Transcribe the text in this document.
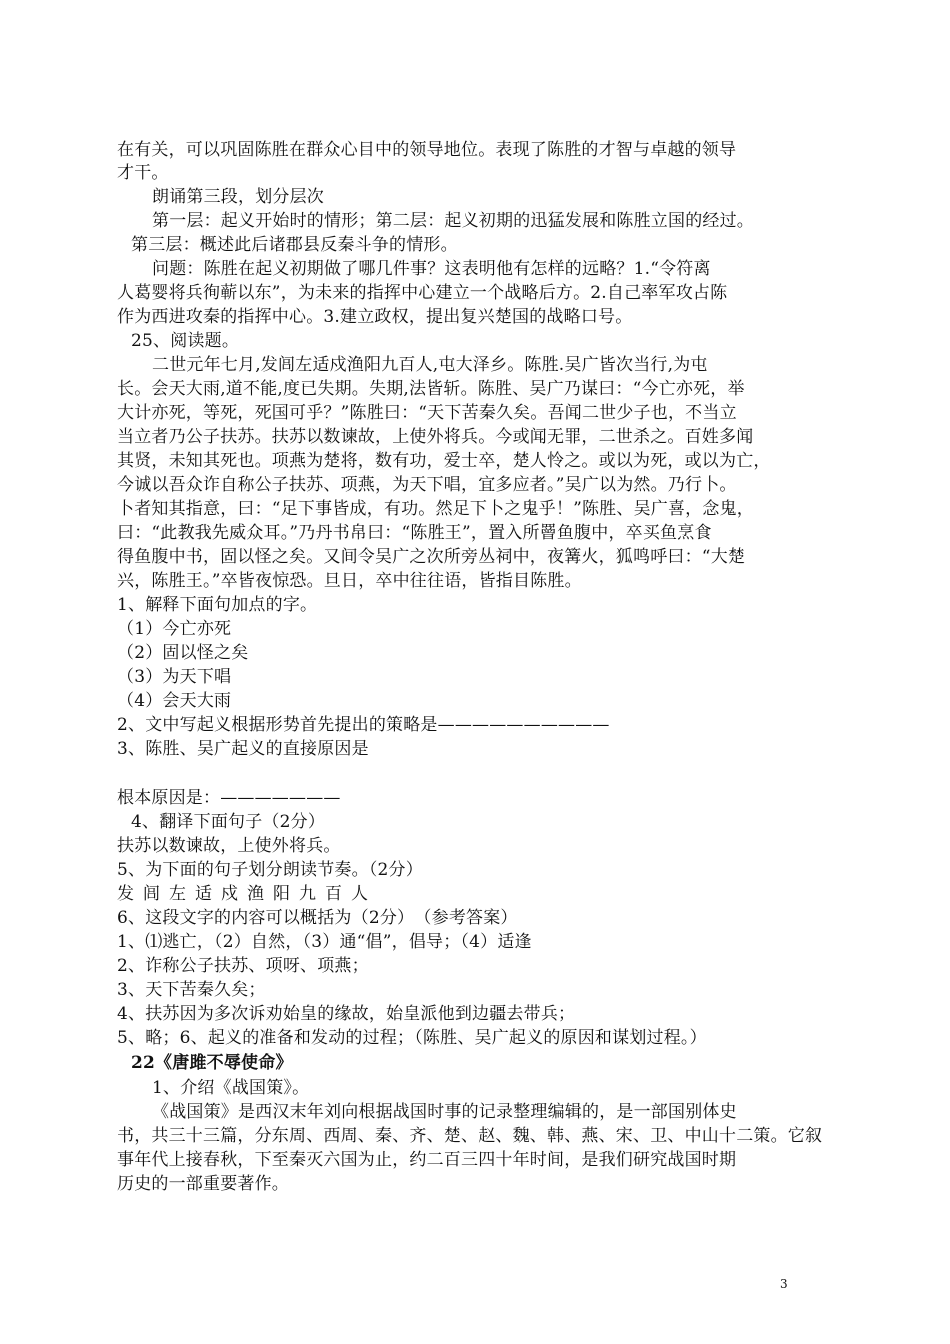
在有关，可以巩固陈胜在群众心目中的领导地位。表现了陈胜的才智与卓越的领导
才干。
朗诵第三段，划分层次
第一层：起义开始时的情形；第二层：起义初期的迅猛发展和陈胜立国的经过。
第三层：概述此后诸郡县反秦斗争的情形。
问题：陈胜在起义初期做了哪几件事？这表明他有怎样的远略？1.“令符离
人葛婴将兵徇蕲以东”，为未来的指挥中心建立一个战略后方。2.自己率军攻占陈
作为西进攻秦的指挥中心。3.建立政权，提出复兴楚国的战略口号。
25、阅读题。
二世元年七月,发闾左适戍渔阳九百人,屯大泽乡。陈胜.吴广皆次当行,为屯
长。会天大雨,道不能,度已失期。失期,法皆斩。陈胜、吴广乃谋曰：“今亡亦死，举
大计亦死，等死，死国可乎？”陈胜曰：“天下苦秦久矣。吾闻二世少子也，不当立
当立者乃公子扶苏。扶苏以数谏故，上使外将兵。今或闻无罪，二世杀之。百姓多闻
其贤，未知其死也。项燕为楚将，数有功，爱士卒，楚人怜之。或以为死，或以为亡，
今诚以吾众诈自称公子扶苏、项燕，为天下唱，宜多应者。”吴广以为然。乃行卜。
卜者知其指意，曰：“足下事皆成，有功。然足下卜之鬼乎！”陈胜、吴广喜，念鬼，
曰：“此教我先威众耳。”乃丹书帛曰：“陈胜王”，置入所罾鱼腹中，卒买鱼烹食
得鱼腹中书，固以怪之矣。又间令吴广之次所旁丛祠中，夜篝火，狐鸣呼曰：“大楚
兴，陈胜王。”卒皆夜惊恐。旦日，卒中往往语，皆指目陈胜。
1、解释下面句加点的字。
（1）今亡亦死
（2）固以怪之矣
（3）为天下唱
（4）会天大雨
2、文中写起义根据形势首先提出的策略是——————————
3、陈胜、吴广起义的直接原因是
根本原因是：———————
4、翻译下面句子（2分）
扶苏以数谏故，上使外将兵。
5、为下面的句子划分朗读节奏。（2分）
发闾左适戍渔阳九百人
6、这段文字的内容可以概括为（2分）　（参考答案）
1、⑴逃亡，（2）自然，（3）通“倡”，倡导；（4）适逢
2、诈称公子扶苏、项呀、项燕；
3、天下苦秦久矣；
4、扶苏因为多次诉劝始皇的缘故，始皇派他到边疆去带兵；
5、略；6、起义的准备和发动的过程；（陈胜、吴广起义的原因和谋划过程。）
22《唐雎不辱使命》
1、介绍《战国策》。
《战国策》是西汉末年刘向根据战国时事的记录整理编辑的，是一部国别体史
书，共三十三篇，分东周、西周、秦、齐、楚、赵、魏、韩、燕、宋、卫、中山十二策。它叙
事年代上接春秋，下至秦灭六国为止，约二百三四十年时间，是我们研究战国时期
历史的一部重要著作。
3
